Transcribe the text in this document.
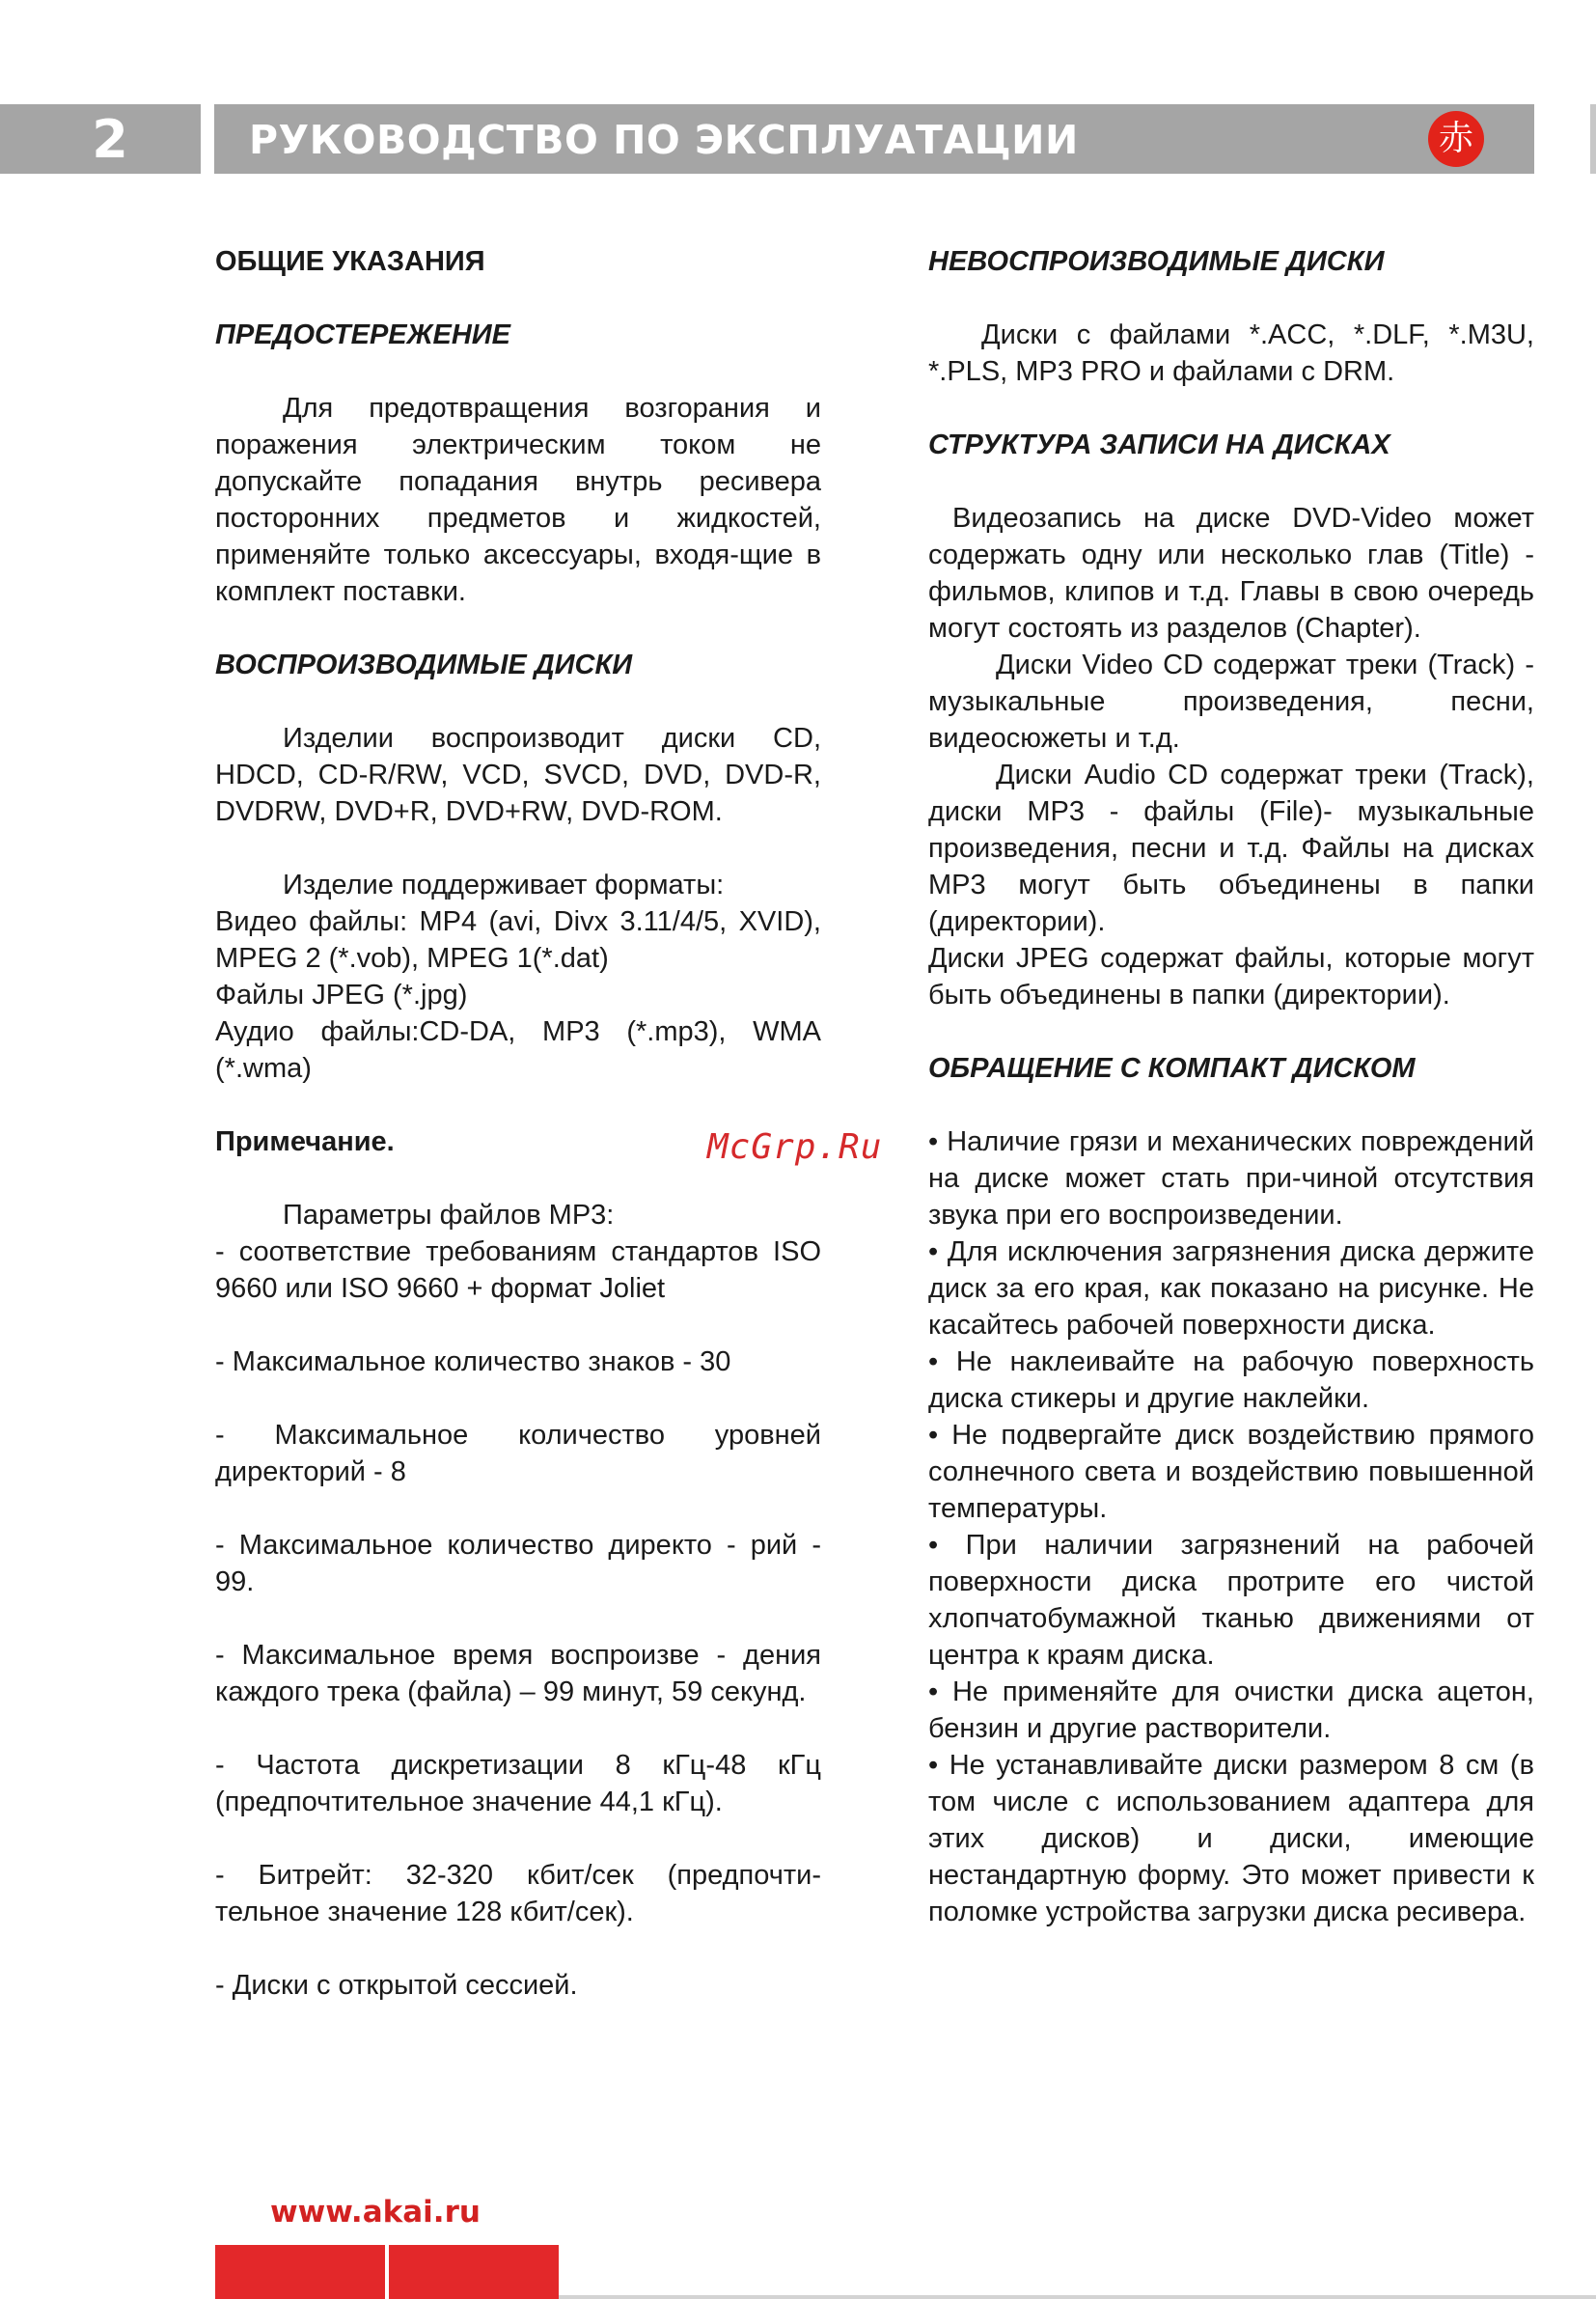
2	РУКОВОДСТВО ПО ЭКСПЛУАТАЦИИ	赤
ОБЩИЕ УКАЗАНИЯ
ПРЕДОСТЕРЕЖЕНИЕ

Для предотвращения возгорания и поражения электрическим током не допускайте попадания внутрь ресивера посторонних предметов и жидкостей, применяйте только аксессуары, входя-щие в комплект поставки.

ВОСПРОИЗВОДИМЫЕ ДИСКИ

Изделии воспроизводит диски CD, HDCD, CD-R/RW, VCD, SVCD, DVD, DVD-R, DVDRW, DVD+R, DVD+RW, DVD-ROM.

Изделие поддерживает форматы:

Видео файлы: MP4 (avi, Divx 3.11/4/5, XVID), MPEG 2 (*.vob), MPEG 1(*.dat)

Файлы JPEG (*.jpg)

Аудио файлы:CD-DA, MP3 (*.mp3), WMA (*.wma)

Примечание.

Параметры файлов MP3:

- соответствие требованиям стандартов ISO 9660 или ISO 9660 + формат Joliet

- Максимальное количество знаков - 30

- Максимальное количество уровней директорий - 8

- Максимальное количество директо - рий - 99.

- Максимальное время воспроизве - дения каждого трека (файла) – 99 минут, 59 секунд.

- Частота дискретизации 8 кГц-48 кГц (предпочтительное значение 44,1 кГц).

- Битрейт: 32-320 кбит/сек (предпочти-тельное значение 128 кбит/сек).

- Диски с открытой сессией.

НЕВОСПРОИЗВОДИМЫЕ ДИСКИ

Диски с файлами *.ACC, *.DLF, *.M3U, *.PLS, MP3 PRO и файлами с DRM.

СТРУКТУРА ЗАПИСИ НА ДИСКАХ

Видеозапись на диске DVD-Video может содержать одну или несколько глав (Title) - фильмов, клипов и т.д. Главы в свою очередь могут состоять из разделов (Chapter).

Диски Video CD содержат треки (Track) - музыкальные произведения, песни, видеосюжеты и т.д.

Диски Audio CD содержат треки (Track), диски MP3 - файлы (File)- музыкальные произведения, песни и т.д. Файлы на дисках MP3 могут быть объединены в папки (директории).

Диски JPEG содержат файлы, которые могут быть объединены в папки (директории).

ОБРАЩЕНИЕ С КОМПАКТ ДИСКОМ

• Наличие грязи и механических повреждений на диске может стать при-чиной отсутствия звука при его воспроизведении.

• Для исключения загрязнения диска держите диск за его края, как показано на рисунке. Не касайтесь рабочей поверхности диска.

• Не наклеивайте на рабочую поверхность диска стикеры и другие наклейки.

• Не подвергайте диск воздействию прямого солнечного света и воздействию повышенной температуры.

• При наличии загрязнений на рабочей поверхности диска протрите его чистой хлопчатобумажной тканью движениями от центра к краям диска.

• Не применяйте для очистки диска ацетон, бензин и другие растворители.

• Не устанавливайте диски размером 8 см (в том числе с использованием адаптера для этих дисков) и диски, имеющие нестандартную форму. Это может привести к поломке устройства загрузки диска ресивера.

McGrp.Ru
www.akai.ru
